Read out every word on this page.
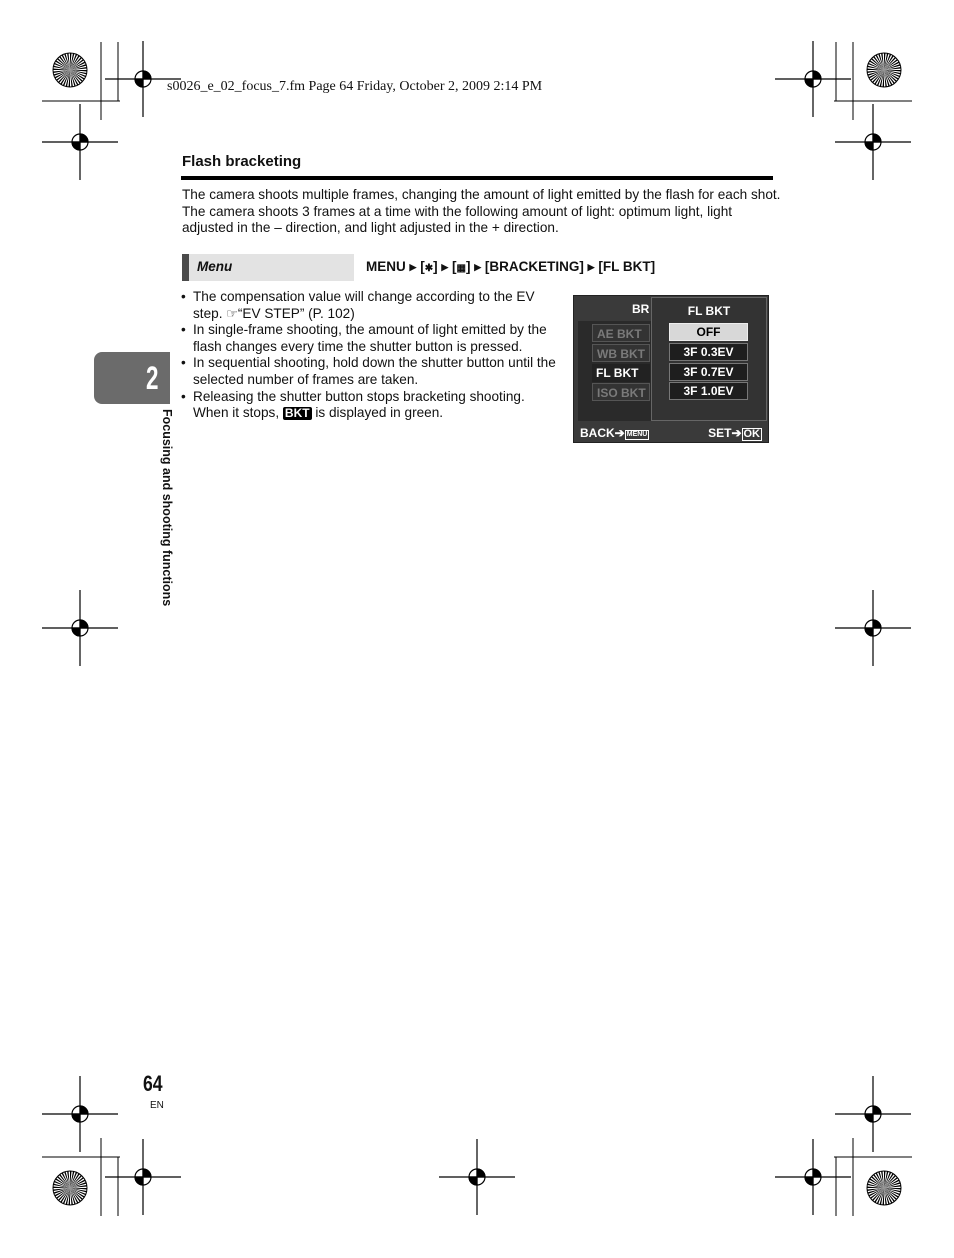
s0026_e_02_focus_7.fm Page 64 Friday, October 2, 2009 2:14 PM
Flash bracketing
The camera shoots multiple frames, changing the amount of light emitted by the flash for each shot. The camera shoots 3 frames at a time with the following amount of light: optimum light, light adjusted in the – direction, and light adjusted in the + direction.
Menu	MENU ▶ [✱] ▶ [▦] ▶ [BRACKETING] ▶ [FL BKT]
• The compensation value will change according to the EV step. ☞“EV STEP” (P. 102)
• In single-frame shooting, the amount of light emitted by the flash changes every time the shutter button is pressed.
• In sequential shooting, hold down the shutter button until the selected number of frames are taken.
• Releasing the shutter button stops bracketing shooting. When it stops, BKT is displayed in green.
BR
AE BKT
WB BKT
FL BKT
ISO BKT
FL BKT
OFF
3F 0.3EV
3F 0.7EV
3F 1.0EV
BACK➔ MENU	SET➔ OK
2
Focusing and shooting functions
64
EN
